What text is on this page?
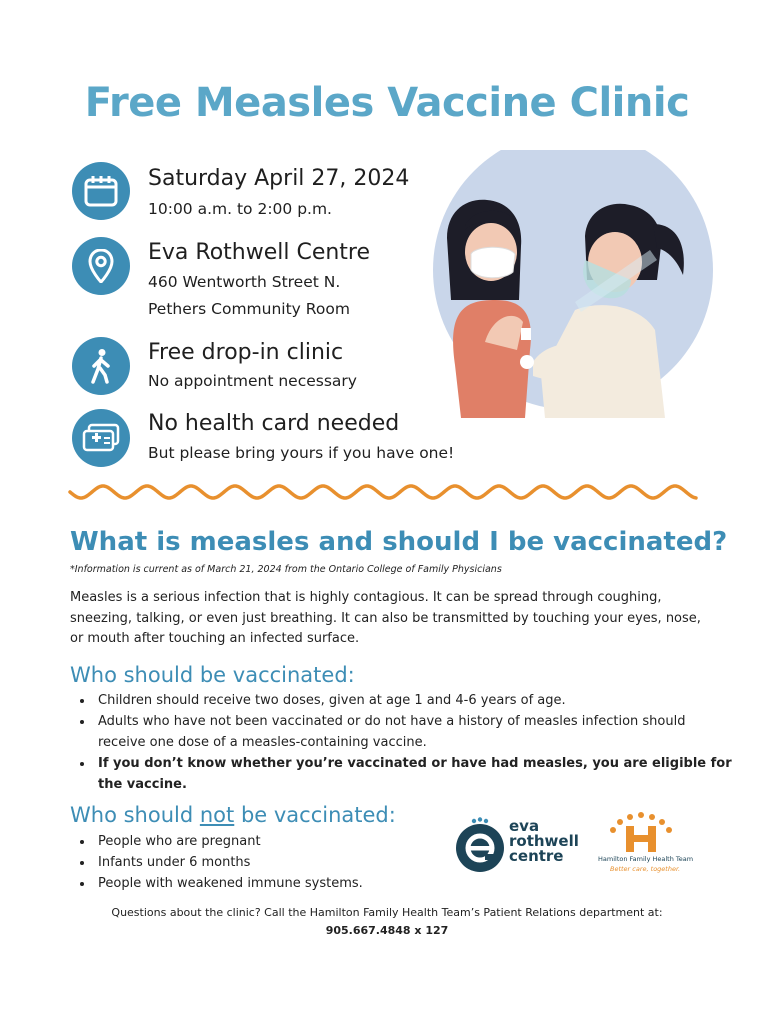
Free Measles Vaccine Clinic
Saturday April 27, 2024
10:00 a.m. to 2:00 p.m.
Eva Rothwell Centre
460 Wentworth Street N.
Pethers Community Room
Free drop-in clinic
No appointment necessary
No health card needed
But please bring yours if you have one!
What is measles and should I be vaccinated?
*Information is current as of March 21, 2024 from the Ontario College of Family Physicians
Measles is a serious infection that is highly contagious. It can be spread through coughing, sneezing, talking, or even just breathing. It can also be transmitted by touching your eyes, nose, or mouth after touching an infected surface.
Who should be vaccinated:
• Children should receive two doses, given at age 1 and 4-6 years of age.
• Adults who have not been vaccinated or do not have a history of measles infection should receive one dose of a measles-containing vaccine.
• If you don’t know whether you’re vaccinated or have had measles, you are eligible for the vaccine.
Who should not be vaccinated:
• People who are pregnant
• Infants under 6 months
• People with weakened immune systems.
eva
rothwell
centre	Hamilton Family Health Team
Better care, together.
Questions about the clinic? Call the Hamilton Family Health Team’s Patient Relations department at:
905.667.4848 x 127
